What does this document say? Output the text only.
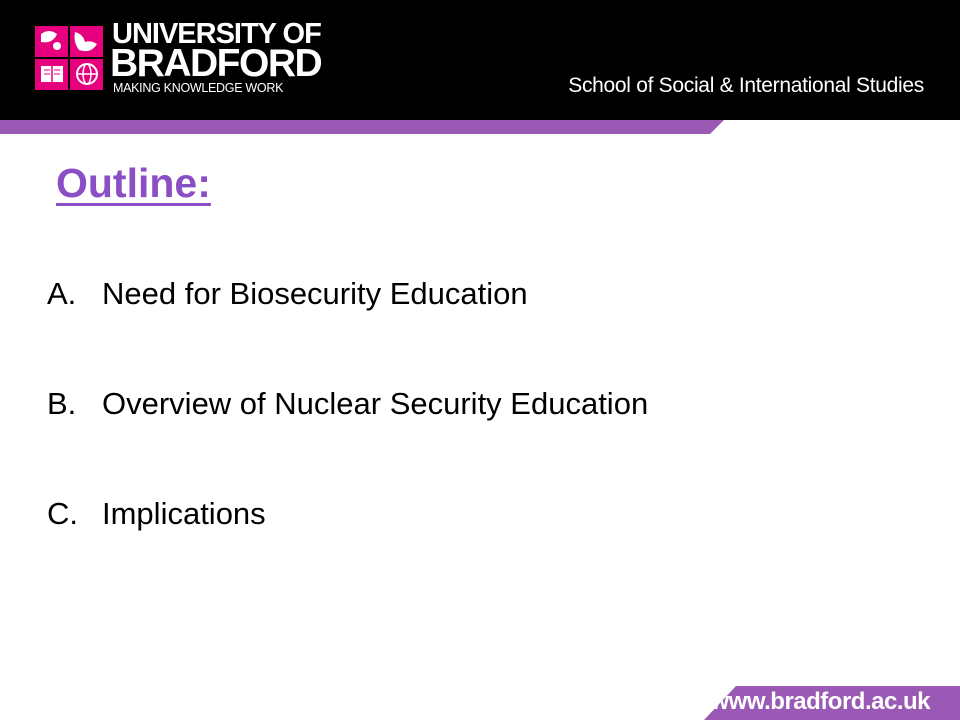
UNIVERSITY OF
BRADFORD
MAKING KNOWLEDGE WORK	School of Social & International Studies
Outline:
A. Need for Biosecurity Education
B. Overview of Nuclear Security Education
C. Implications
www.bradford.ac.uk
